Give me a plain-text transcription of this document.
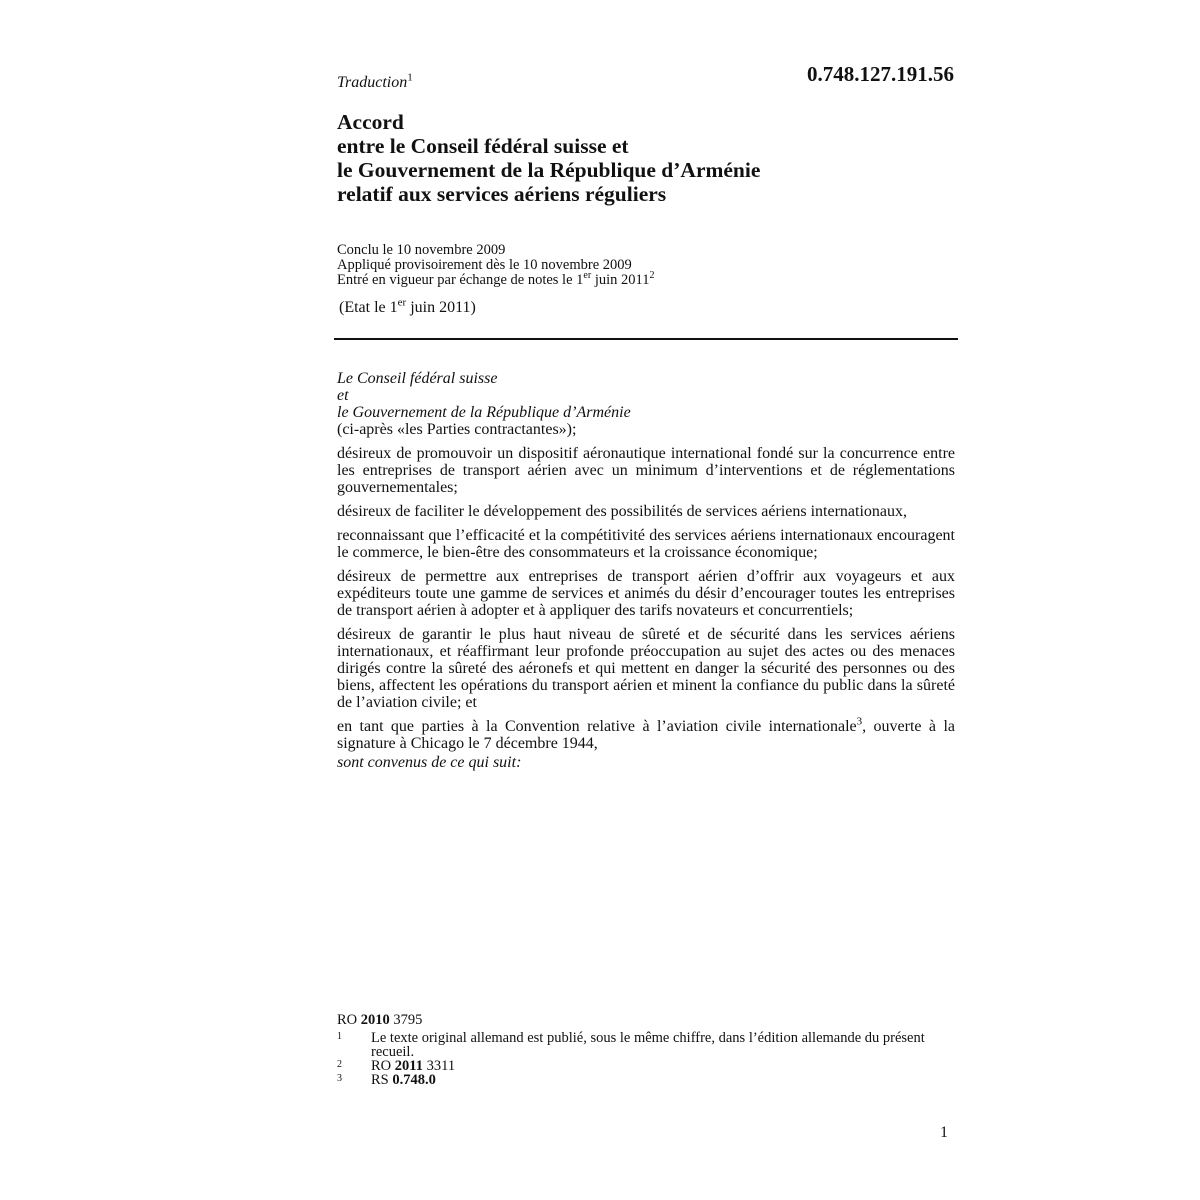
Traduction$^1$	0.748.127.191.56
Accord
entre le Conseil fédéral suisse et
le Gouvernement de la République d’Arménie
relatif aux services aériens réguliers
Conclu le 10 novembre 2009
Appliqué provisoirement dès le 10 novembre 2009
Entré en vigueur par échange de notes le 1er juin 2011$^2$
(Etat le 1er juin 2011)
Le Conseil fédéral suisse
et
le Gouvernement de la République d’Arménie
(ci-après «les Parties contractantes»);
désireux de promouvoir un dispositif aéronautique international fondé sur la concurrence entre les entreprises de transport aérien avec un minimum d’interventions et de réglementations gouvernementales;
désireux de faciliter le développement des possibilités de services aériens internationaux,
reconnaissant que l’efficacité et la compétitivité des services aériens internationaux encouragent le commerce, le bien-être des consommateurs et la croissance économique;
désireux de permettre aux entreprises de transport aérien d’offrir aux voyageurs et aux expéditeurs toute une gamme de services et animés du désir d’encourager toutes les entreprises de transport aérien à adopter et à appliquer des tarifs novateurs et concurrentiels;
désireux de garantir le plus haut niveau de sûreté et de sécurité dans les services aériens internationaux, et réaffirmant leur profonde préoccupation au sujet des actes ou des menaces dirigés contre la sûreté des aéronefs et qui mettent en danger la sécurité des personnes ou des biens, affectent les opérations du transport aérien et minent la confiance du public dans la sûreté de l’aviation civile; et
en tant que parties à la Convention relative à l’aviation civile internationale$^3$, ouverte à la signature à Chicago le 7 décembre 1944,
sont convenus de ce qui suit:
RO 2010 3795
1	Le texte original allemand est publié, sous le même chiffre, dans l’édition allemande du présent recueil.
2	RO 2011 3311
3	RS 0.748.0
1
